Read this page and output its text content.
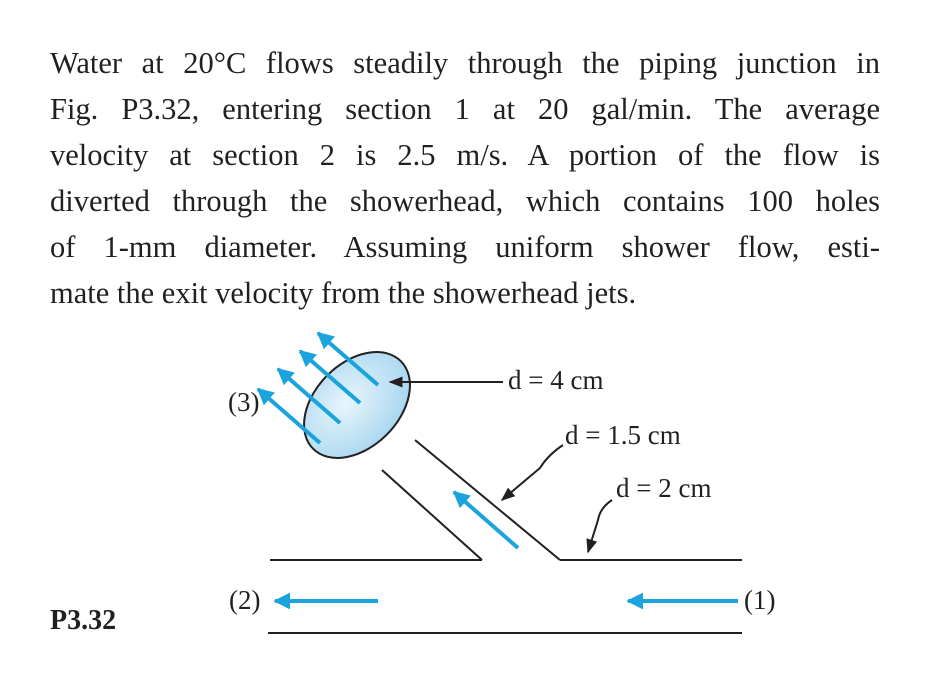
Water at 20°C flows steadily through the piping junction in
Fig. P3.32, entering section 1 at 20 gal/min. The average
velocity at section 2 is 2.5 m/s. A portion of the flow is
diverted through the showerhead, which contains 100 holes
of 1-mm diameter. Assuming uniform shower flow, esti-
mate the exit velocity from the showerhead jets.
d = 4 cm
d = 1.5 cm
d = 2 cm
(3)
(2)	(1)
P3.32
